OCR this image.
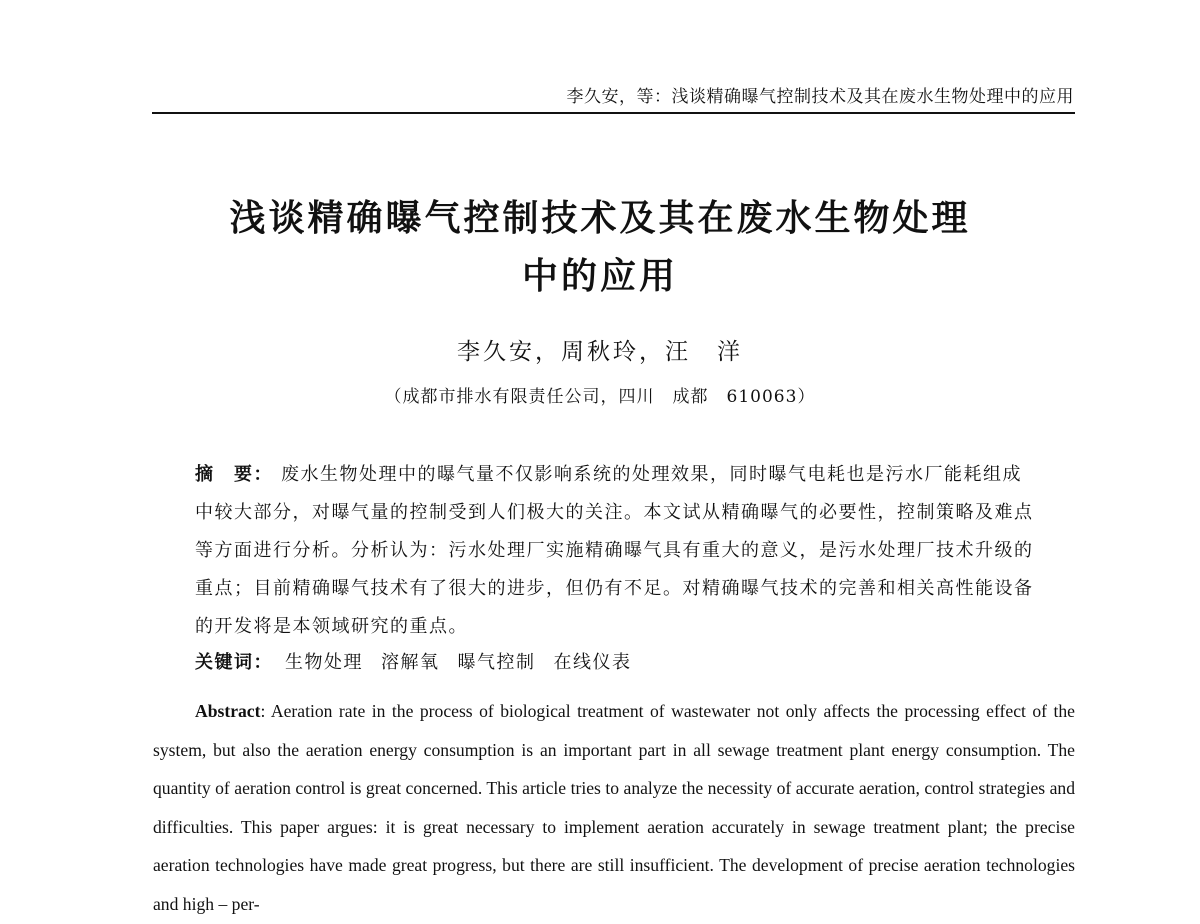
李久安，等：浅谈精确曝气控制技术及其在废水生物处理中的应用
浅谈精确曝气控制技术及其在废水生物处理
中的应用
李久安，周秋玲，汪　洋
（成都市排水有限责任公司，四川　成都　610063）
摘　要： 废水生物处理中的曝气量不仅影响系统的处理效果，同时曝气电耗也是污水厂能耗组成中较大部分，对曝气量的控制受到人们极大的关注。本文试从精确曝气的必要性，控制策略及难点等方面进行分析。分析认为：污水处理厂实施精确曝气具有重大的意义，是污水处理厂技术升级的重点；目前精确曝气技术有了很大的进步，但仍有不足。对精确曝气技术的完善和相关高性能设备的开发将是本领域研究的重点。
关键词： 生物处理 溶解氧 曝气控制 在线仪表
Abstract: Aeration rate in the process of biological treatment of wastewater not only affects the processing effect of the system, but also the aeration energy consumption is an important part in all sewage treatment plant energy consumption. The quantity of aeration control is great concerned. This article tries to analyze the necessity of accurate aeration, control strategies and difficulties. This paper argues: it is great necessary to implement aeration accurately in sewage treatment plant; the precise aeration technologies have made great progress, but there are still insufficient. The development of precise aeration technologies and high – per-
